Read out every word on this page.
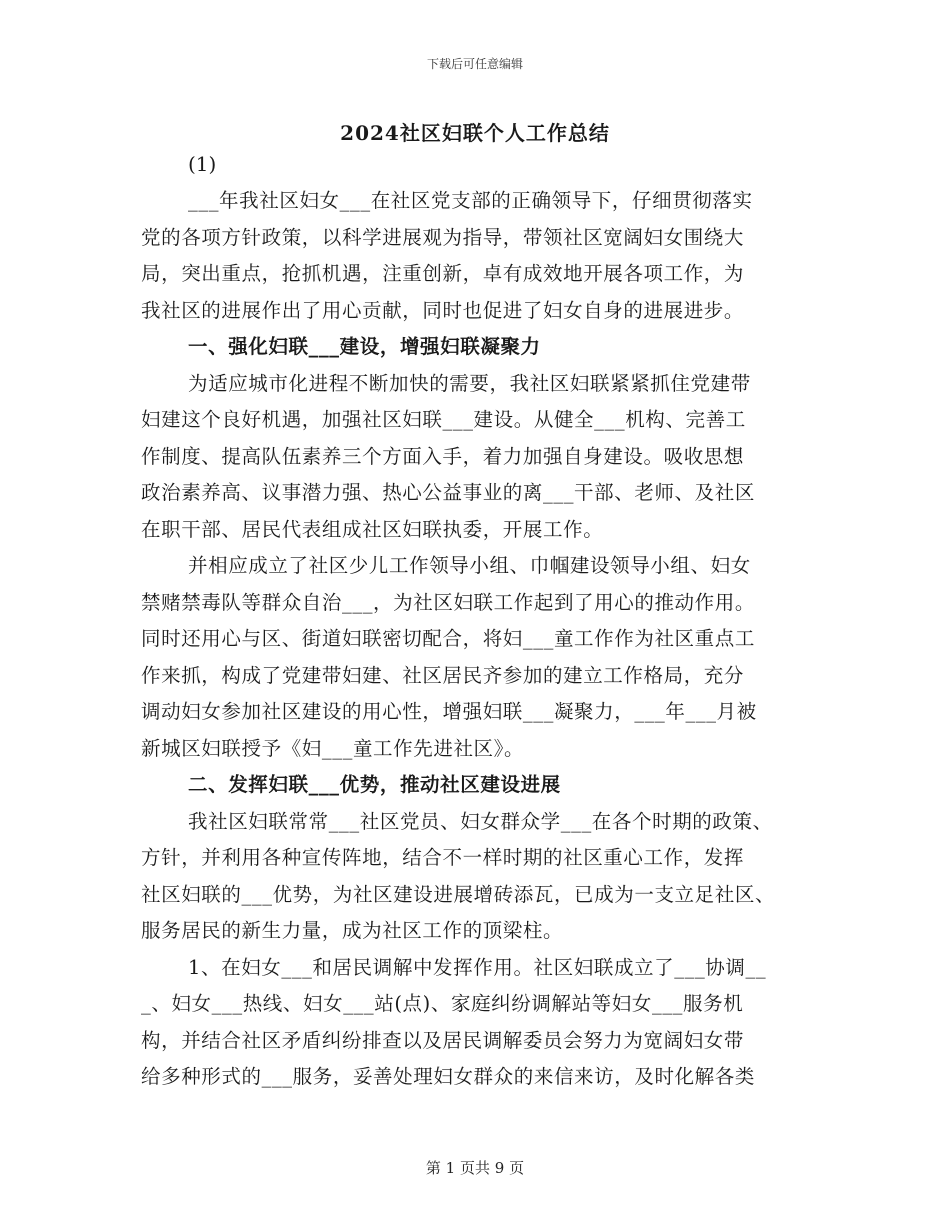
下载后可任意编辑
2024社区妇联个人工作总结
(1)
___年我社区妇女___在社区党支部的正确领导下，仔细贯彻落实
党的各项方针政策，以科学进展观为指导，带领社区宽阔妇女围绕大
局，突出重点，抢抓机遇，注重创新，卓有成效地开展各项工作，为
我社区的进展作出了用心贡献，同时也促进了妇女自身的进展进步。
一、强化妇联___建设，增强妇联凝聚力
为适应城市化进程不断加快的需要，我社区妇联紧紧抓住党建带
妇建这个良好机遇，加强社区妇联___建设。从健全___机构、完善工
作制度、提高队伍素养三个方面入手，着力加强自身建设。吸收思想
政治素养高、议事潜力强、热心公益事业的离___干部、老师、及社区
在职干部、居民代表组成社区妇联执委，开展工作。
并相应成立了社区少儿工作领导小组、巾帼建设领导小组、妇女
禁赌禁毒队等群众自治___，为社区妇联工作起到了用心的推动作用。
同时还用心与区、街道妇联密切配合，将妇___童工作作为社区重点工
作来抓，构成了党建带妇建、社区居民齐参加的建立工作格局，充分
调动妇女参加社区建设的用心性，增强妇联___凝聚力，___年___月被
新城区妇联授予《妇___童工作先进社区》。
二、发挥妇联___优势，推动社区建设进展
我社区妇联常常___社区党员、妇女群众学___在各个时期的政策、
方针，并利用各种宣传阵地，结合不一样时期的社区重心工作，发挥
社区妇联的___优势，为社区建设进展增砖添瓦，已成为一支立足社区、
服务居民的新生力量，成为社区工作的顶梁柱。
1、在妇女___和居民调解中发挥作用。社区妇联成立了___协调__
_、妇女___热线、妇女___站(点)、家庭纠纷调解站等妇女___服务机
构，并结合社区矛盾纠纷排查以及居民调解委员会努力为宽阔妇女带
给多种形式的___服务，妥善处理妇女群众的来信来访，及时化解各类
第 1 页共 9 页
